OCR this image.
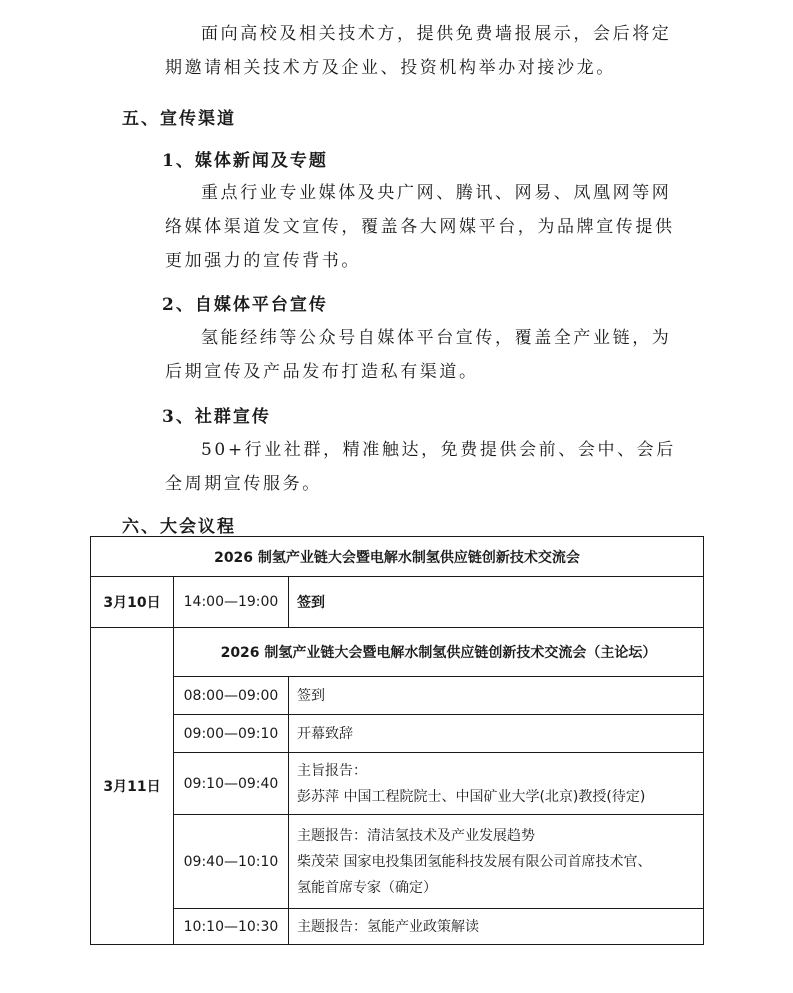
面向高校及相关技术方，提供免费墙报展示，会后将定期邀请相关技术方及企业、投资机构举办对接沙龙。

五、宣传渠道

1、媒体新闻及专题

重点行业专业媒体及央广网、腾讯、网易、凤凰网等网络媒体渠道发文宣传，覆盖各大网媒平台，为品牌宣传提供更加强力的宣传背书。

2、自媒体平台宣传

氢能经纬等公众号自媒体平台宣传，覆盖全产业链，为后期宣传及产品发布打造私有渠道。

3、社群宣传

50+行业社群，精准触达，免费提供会前、会中、会后全周期宣传服务。

六、大会议程

2026 制氢产业链大会暨电解水制氢供应链创新技术交流会		
3月10日	14:00—19:00	签到
3月11日	2026 制氢产业链大会暨电解水制氢供应链创新技术交流会（主论坛）	
	08:00—09:00	签到

	09:00—09:10	开幕致辞

	09:10—09:40	主旨报告：
彭苏萍 中国工程院院士、中国矿业大学(北京)教授(待定)

	09:40—10:10	主题报告：清洁氢技术及产业发展趋势
柴茂荣 国家电投集团氢能科技发展有限公司首席技术官、
氢能首席专家（确定）

	10:10—10:30	主题报告：氢能产业政策解读
